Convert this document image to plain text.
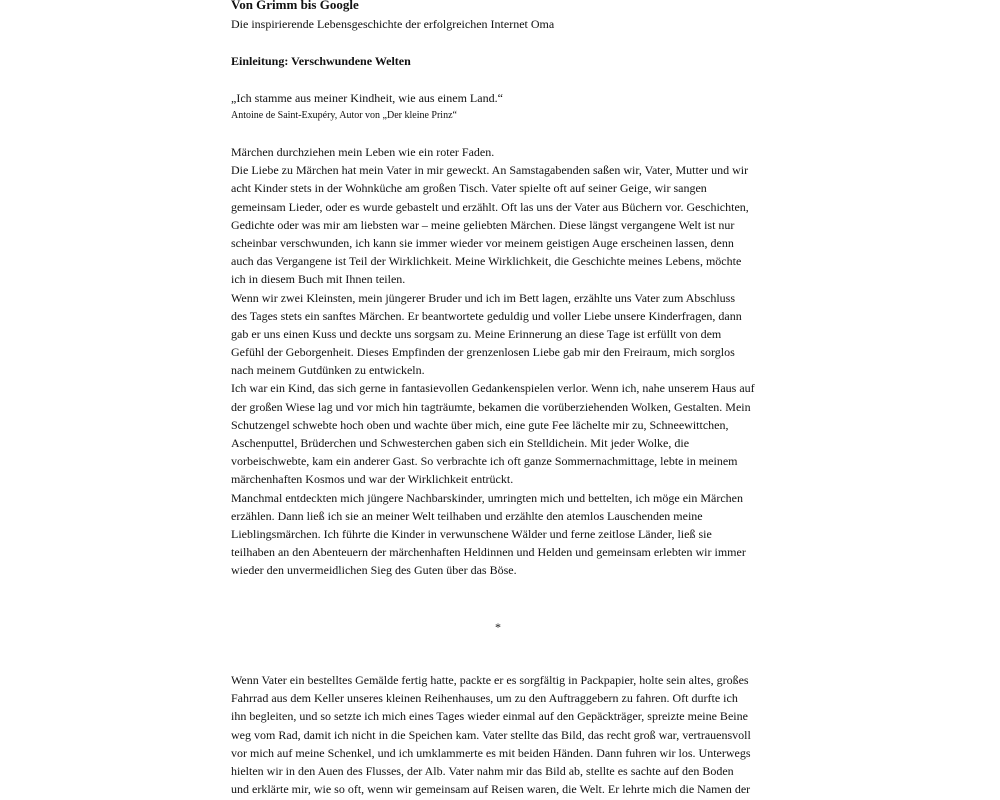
Von Grimm bis Google
Die inspirierende Lebensgeschichte der erfolgreichen Internet Oma
Einleitung: Verschwundene Welten
„Ich stamme aus meiner Kindheit, wie aus einem Land.“
Antoine de Saint-Exupéry, Autor von „Der kleine Prinz“
Märchen durchziehen mein Leben wie ein roter Faden.
Die Liebe zu Märchen hat mein Vater in mir geweckt. An Samstagabenden saßen wir, Vater, Mutter und wir
acht Kinder stets in der Wohnküche am großen Tisch. Vater spielte oft auf seiner Geige, wir sangen
gemeinsam Lieder, oder es wurde gebastelt und erzählt. Oft las uns der Vater aus Büchern vor. Geschichten,
Gedichte oder was mir am liebsten war – meine geliebten Märchen. Diese längst vergangene Welt ist nur
scheinbar verschwunden, ich kann sie immer wieder vor meinem geistigen Auge erscheinen lassen, denn
auch das Vergangene ist Teil der Wirklichkeit. Meine Wirklichkeit, die Geschichte meines Lebens, möchte
ich in diesem Buch mit Ihnen teilen.
Wenn wir zwei Kleinsten, mein jüngerer Bruder und ich im Bett lagen, erzählte uns Vater zum Abschluss
des Tages stets ein sanftes Märchen. Er beantwortete geduldig und voller Liebe unsere Kinderfragen, dann
gab er uns einen Kuss und deckte uns sorgsam zu. Meine Erinnerung an diese Tage ist erfüllt von dem
Gefühl der Geborgenheit. Dieses Empfinden der grenzenlosen Liebe gab mir den Freiraum, mich sorglos
nach meinem Gutdünken zu entwickeln.
Ich war ein Kind, das sich gerne in fantasievollen Gedankenspielen verlor. Wenn ich, nahe unserem Haus auf
der großen Wiese lag und vor mich hin tagträumte, bekamen die vorüberziehenden Wolken, Gestalten. Mein
Schutzengel schwebte hoch oben und wachte über mich, eine gute Fee lächelte mir zu, Schneewittchen,
Aschenputtel, Brüderchen und Schwesterchen gaben sich ein Stelldichein. Mit jeder Wolke, die
vorbeischwebte, kam ein anderer Gast. So verbrachte ich oft ganze Sommernachmittage, lebte in meinem
märchenhaften Kosmos und war der Wirklichkeit entrückt.
Manchmal entdeckten mich jüngere Nachbarskinder, umringten mich und bettelten, ich möge ein Märchen
erzählen. Dann ließ ich sie an meiner Welt teilhaben und erzählte den atemlos Lauschenden meine
Lieblingsmärchen. Ich führte die Kinder in verwunschene Wälder und ferne zeitlose Länder, ließ sie
teilhaben an den Abenteuern der märchenhaften Heldinnen und Helden und gemeinsam erlebten wir immer
wieder den unvermeidlichen Sieg des Guten über das Böse.
*
Wenn Vater ein bestelltes Gemälde fertig hatte, packte er es sorgfältig in Packpapier, holte sein altes, großes
Fahrrad aus dem Keller unseres kleinen Reihenhauses, um zu den Auftraggebern zu fahren. Oft durfte ich
ihn begleiten, und so setzte ich mich eines Tages wieder einmal auf den Gepäckträger, spreizte meine Beine
weg vom Rad, damit ich nicht in die Speichen kam. Vater stellte das Bild, das recht groß war, vertrauensvoll
vor mich auf meine Schenkel, und ich umklammerte es mit beiden Händen. Dann fuhren wir los. Unterwegs
hielten wir in den Auen des Flusses, der Alb. Vater nahm mir das Bild ab, stellte es sachte auf den Boden
und erklärte mir, wie so oft, wenn wir gemeinsam auf Reisen waren, die Welt. Er lehrte mich die Namen der
